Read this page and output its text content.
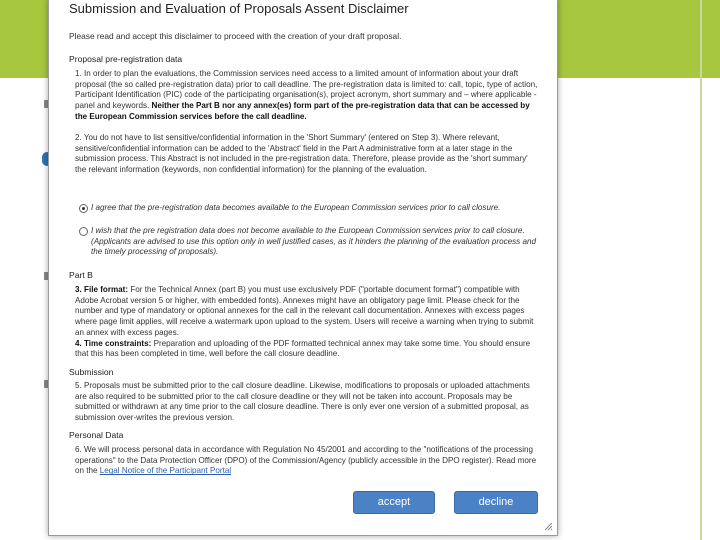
Submission and Evaluation of Proposals Assent Disclaimer
Please read and accept this disclaimer to proceed with the creation of your draft proposal.
Proposal pre-registration data

1. In order to plan the evaluations, the Commission services need access to a limited amount of information about your draft proposal (the so called pre-registration data) prior to call deadline. The pre-registration data is limited to: call, topic, type of action, Participant Identification (PIC) code of the participating organisation(s), project acronym, short summary and – where applicable - panel and keywords. Neither the Part B nor any annex(es) form part of the pre-registration data that can be accessed by the European Commission services before the call deadline.

2. You do not have to list sensitive/confidential information in the 'Short Summary' (entered on Step 3). Where relevant, sensitive/confidential information can be added to the 'Abstract' field in the Part A administrative form at a later stage in the submission process. This Abstract is not included in the pre-registration data. Therefore, please provide as the 'short summary' the relevant information (keywords, non confidential information) for the planning of the evaluation.

I agree that the pre-registration data becomes available to the European Commission services prior to call closure.
I wish that the pre registration data does not become available to the European Commission services prior to call closure. (Applicants are advised to use this option only in well justified cases, as it hinders the planning of the evaluation process and the timely processing of proposals).
Part B

3. File format: For the Technical Annex (part B) you must use exclusively PDF ("portable document format") compatible with Adobe Acrobat version 5 or higher, with embedded fonts). Annexes might have an obligatory page limit. Please check for the number and type of mandatory or optional annexes for the call in the relevant call documentation. Annexes with excess pages where page limit applies, will receive a watermark upon upload to the system. Users will receive a warning when trying to submit an annex with excess pages.
4. Time constraints: Preparation and uploading of the PDF formatted technical annex may take some time. You should ensure that this has been completed in time, well before the call closure deadline.

Submission

5. Proposals must be submitted prior to the call closure deadline. Likewise, modifications to proposals or uploaded attachments are also required to be submitted prior to the call closure deadline or they will not be taken into account. Proposals may be submitted or withdrawn at any time prior to the call closure deadline. There is only ever one version of a submitted proposal, as submission over-writes the previous version.

Personal Data

6. We will process personal data in accordance with Regulation No 45/2001 and according to the "notifications of the processing operations" to the Data Protection Officer (DPO) of the Commission/Agency (publicly accessible in the DPO register). Read more on the Legal Notice of the Participant Portal

accept	decline
